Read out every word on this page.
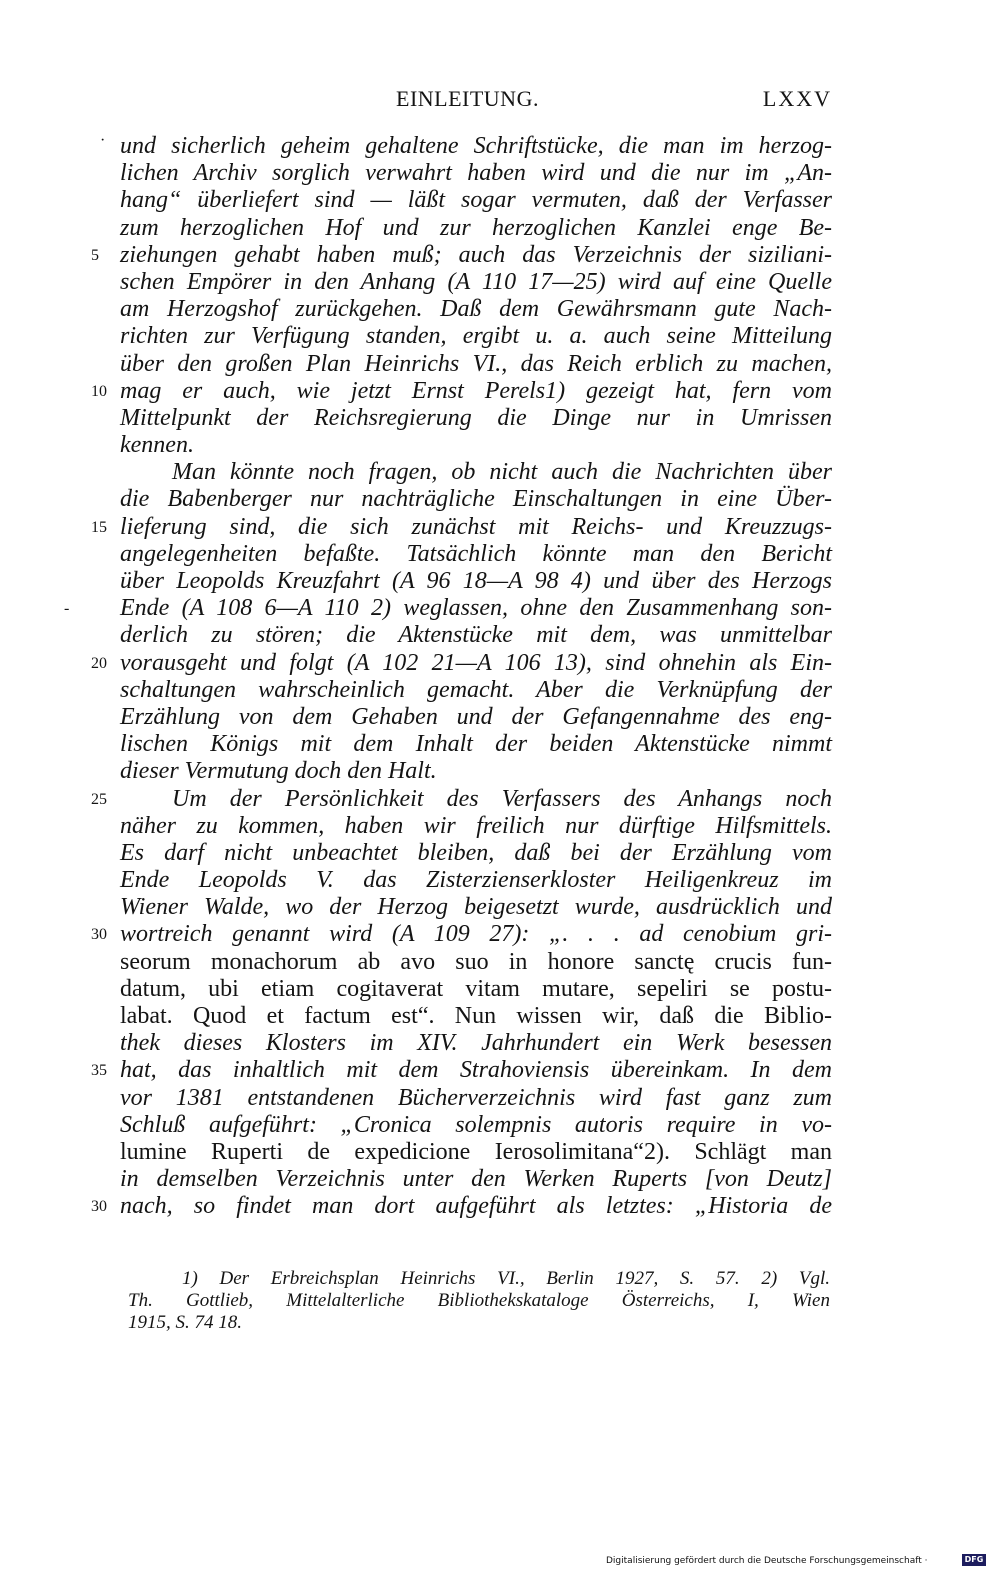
EINLEITUNG.	LXXV
· und sicherlich geheim gehaltene Schriftstücke, die man im herzog-
lichen Archiv sorglich verwahrt haben wird und die nur im „An-
hang“ überliefert sind — läßt sogar vermuten, daß der Verfasser
zum herzoglichen Hof und zur herzoglichen Kanzlei enge Be-
5 ziehungen gehabt haben muß; auch das Verzeichnis der siziliani-
schen Empörer in den Anhang (A 110 17—25) wird auf eine Quelle
am Herzogshof zurückgehen. Daß dem Gewährsmann gute Nach-
richten zur Verfügung standen, ergibt u. a. auch seine Mitteilung
über den großen Plan Heinrichs VI., das Reich erblich zu machen,
10 mag er auch, wie jetzt Ernst Perels1) gezeigt hat, fern vom
Mittelpunkt der Reichsregierung die Dinge nur in Umrissen
kennen.
Man könnte noch fragen, ob nicht auch die Nachrichten über
die Babenberger nur nachträgliche Einschaltungen in eine Über-
15 lieferung sind, die sich zunächst mit Reichs- und Kreuzzugs-
angelegenheiten befaßte. Tatsächlich könnte man den Bericht
über Leopolds Kreuzfahrt (A 96 18—A 98 4) und über des Herzogs
- Ende (A 108 6—A 110 2) weglassen, ohne den Zusammenhang son-
derlich zu stören; die Aktenstücke mit dem, was unmittelbar
20 vorausgeht und folgt (A 102 21—A 106 13), sind ohnehin als Ein-
schaltungen wahrscheinlich gemacht. Aber die Verknüpfung der
Erzählung von dem Gehaben und der Gefangennahme des eng-
lischen Königs mit dem Inhalt der beiden Aktenstücke nimmt
dieser Vermutung doch den Halt.
25	Um der Persönlichkeit des Verfassers des Anhangs noch
näher zu kommen, haben wir freilich nur dürftige Hilfsmittels.
Es darf nicht unbeachtet bleiben, daß bei der Erzählung vom
Ende Leopolds V. das Zisterzienserkloster Heiligenkreuz im
Wiener Walde, wo der Herzog beigesetzt wurde, ausdrücklich und
30 wortreich genannt wird (A 109 27): „. . . ad cenobium gri-
seorum monachorum ab avo suo in honore sanctę crucis fun-
datum, ubi etiam cogitaverat vitam mutare, sepeliri se postu-
labat. Quod et factum est“. Nun wissen wir, daß die Biblio-
thek dieses Klosters im XIV. Jahrhundert ein Werk besessen
35 hat, das inhaltlich mit dem Strahoviensis übereinkam. In dem
vor 1381 entstandenen Bücherverzeichnis wird fast ganz zum
Schluß aufgeführt: „Cronica solempnis autoris require in vo-
lumine Ruperti de expedicione Ierosolimitana“2). Schlägt man
in demselben Verzeichnis unter den Werken Ruperts [von Deutz]
30 nach, so findet man dort aufgeführt als letztes: „Historia de
1) Der Erbreichsplan Heinrichs VI., Berlin 1927, S. 57. 2) Vgl.
Th. Gottlieb, Mittelalterliche Bibliothekskataloge Österreichs, I, Wien
1915, S. 74 18.
Digitalisierung gefördert durch die Deutsche Forschungsgemeinschaft ·	DFG
